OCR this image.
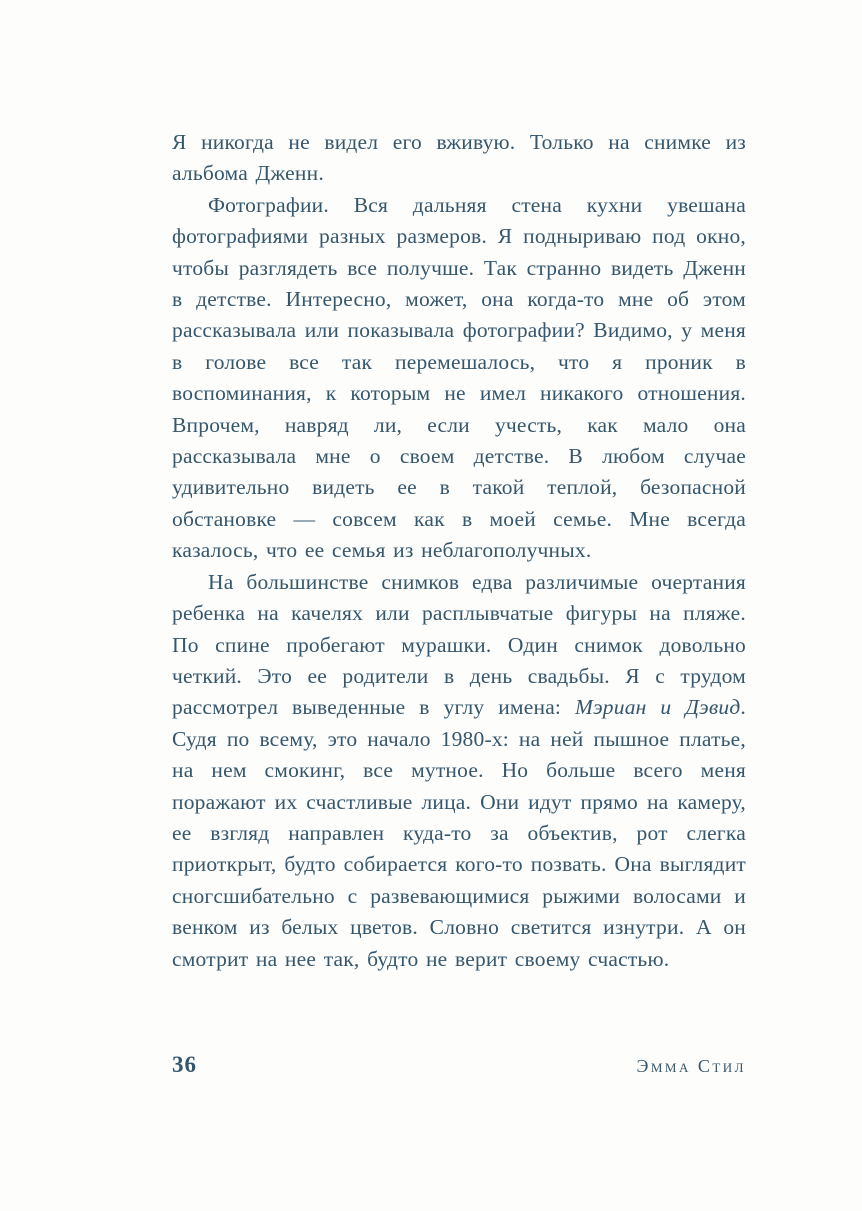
Я никогда не видел его вживую. Только на снимке из альбома Дженн.

Фотографии. Вся дальняя стена кухни увешана фотографиями разных размеров. Я подныриваю под окно, чтобы разглядеть все получше. Так странно видеть Дженн в детстве. Интересно, может, она когда-то мне об этом рассказывала или показывала фотографии? Видимо, у меня в голове все так перемешалось, что я проник в воспоминания, к которым не имел никакого отношения. Впрочем, навряд ли, если учесть, как мало она рассказывала мне о своем детстве. В любом случае удивительно видеть ее в такой теплой, безопасной обстановке — совсем как в моей семье. Мне всегда казалось, что ее семья из неблагополучных.

На большинстве снимков едва различимые очертания ребенка на качелях или расплывчатые фигуры на пляже. По спине пробегают мурашки. Один снимок довольно четкий. Это ее родители в день свадьбы. Я с трудом рассмотрел выведенные в углу имена: Мэриан и Дэвид. Судя по всему, это начало 1980-х: на ней пышное платье, на нем смокинг, все мутное. Но больше всего меня поражают их счастливые лица. Они идут прямо на камеру, ее взгляд направлен куда-то за объектив, рот слегка приоткрыт, будто собирается кого-то позвать. Она выглядит сногсшибательно с развевающимися рыжими волосами и венком из белых цветов. Словно светится изнутри. А он смотрит на нее так, будто не верит своему счастью.

36	Эмма Стил
